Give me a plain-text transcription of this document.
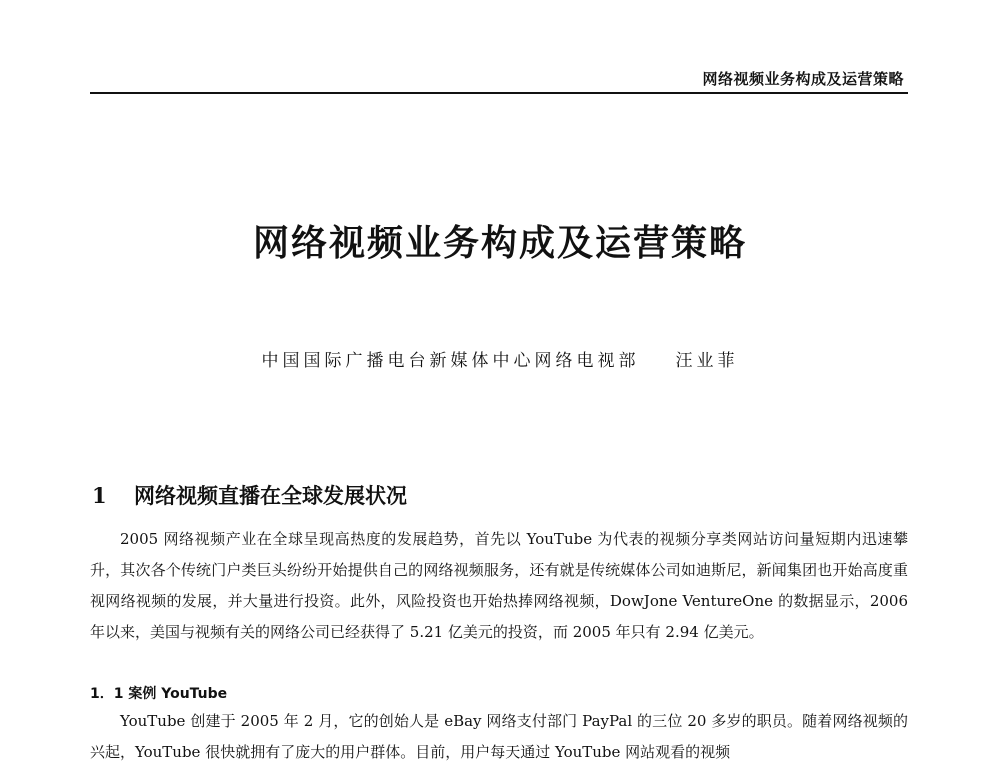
网络视频业务构成及运营策略
网络视频业务构成及运营策略
中国国际广播电台新媒体中心网络电视部 汪业菲
1 网络视频直播在全球发展状况

2005 网络视频产业在全球呈现高热度的发展趋势，首先以 YouTube 为代表的视频分享类网站访问量短期内迅速攀升，其次各个传统门户类巨头纷纷开始提供自己的网络视频服务，还有就是传统媒体公司如迪斯尼，新闻集团也开始高度重视网络视频的发展，并大量进行投资。此外，风险投资也开始热捧网络视频，DowJone VentureOne 的数据显示，2006 年以来，美国与视频有关的网络公司已经获得了 5.21 亿美元的投资，而 2005 年只有 2.94 亿美元。

1．1 案例 YouTube

YouTube 创建于 2005 年 2 月，它的创始人是 eBay 网络支付部门 PayPal 的三位 20 多岁的职员。随着网络视频的兴起，YouTube 很快就拥有了庞大的用户群体。目前，用户每天通过 YouTube 网站观看的视频
